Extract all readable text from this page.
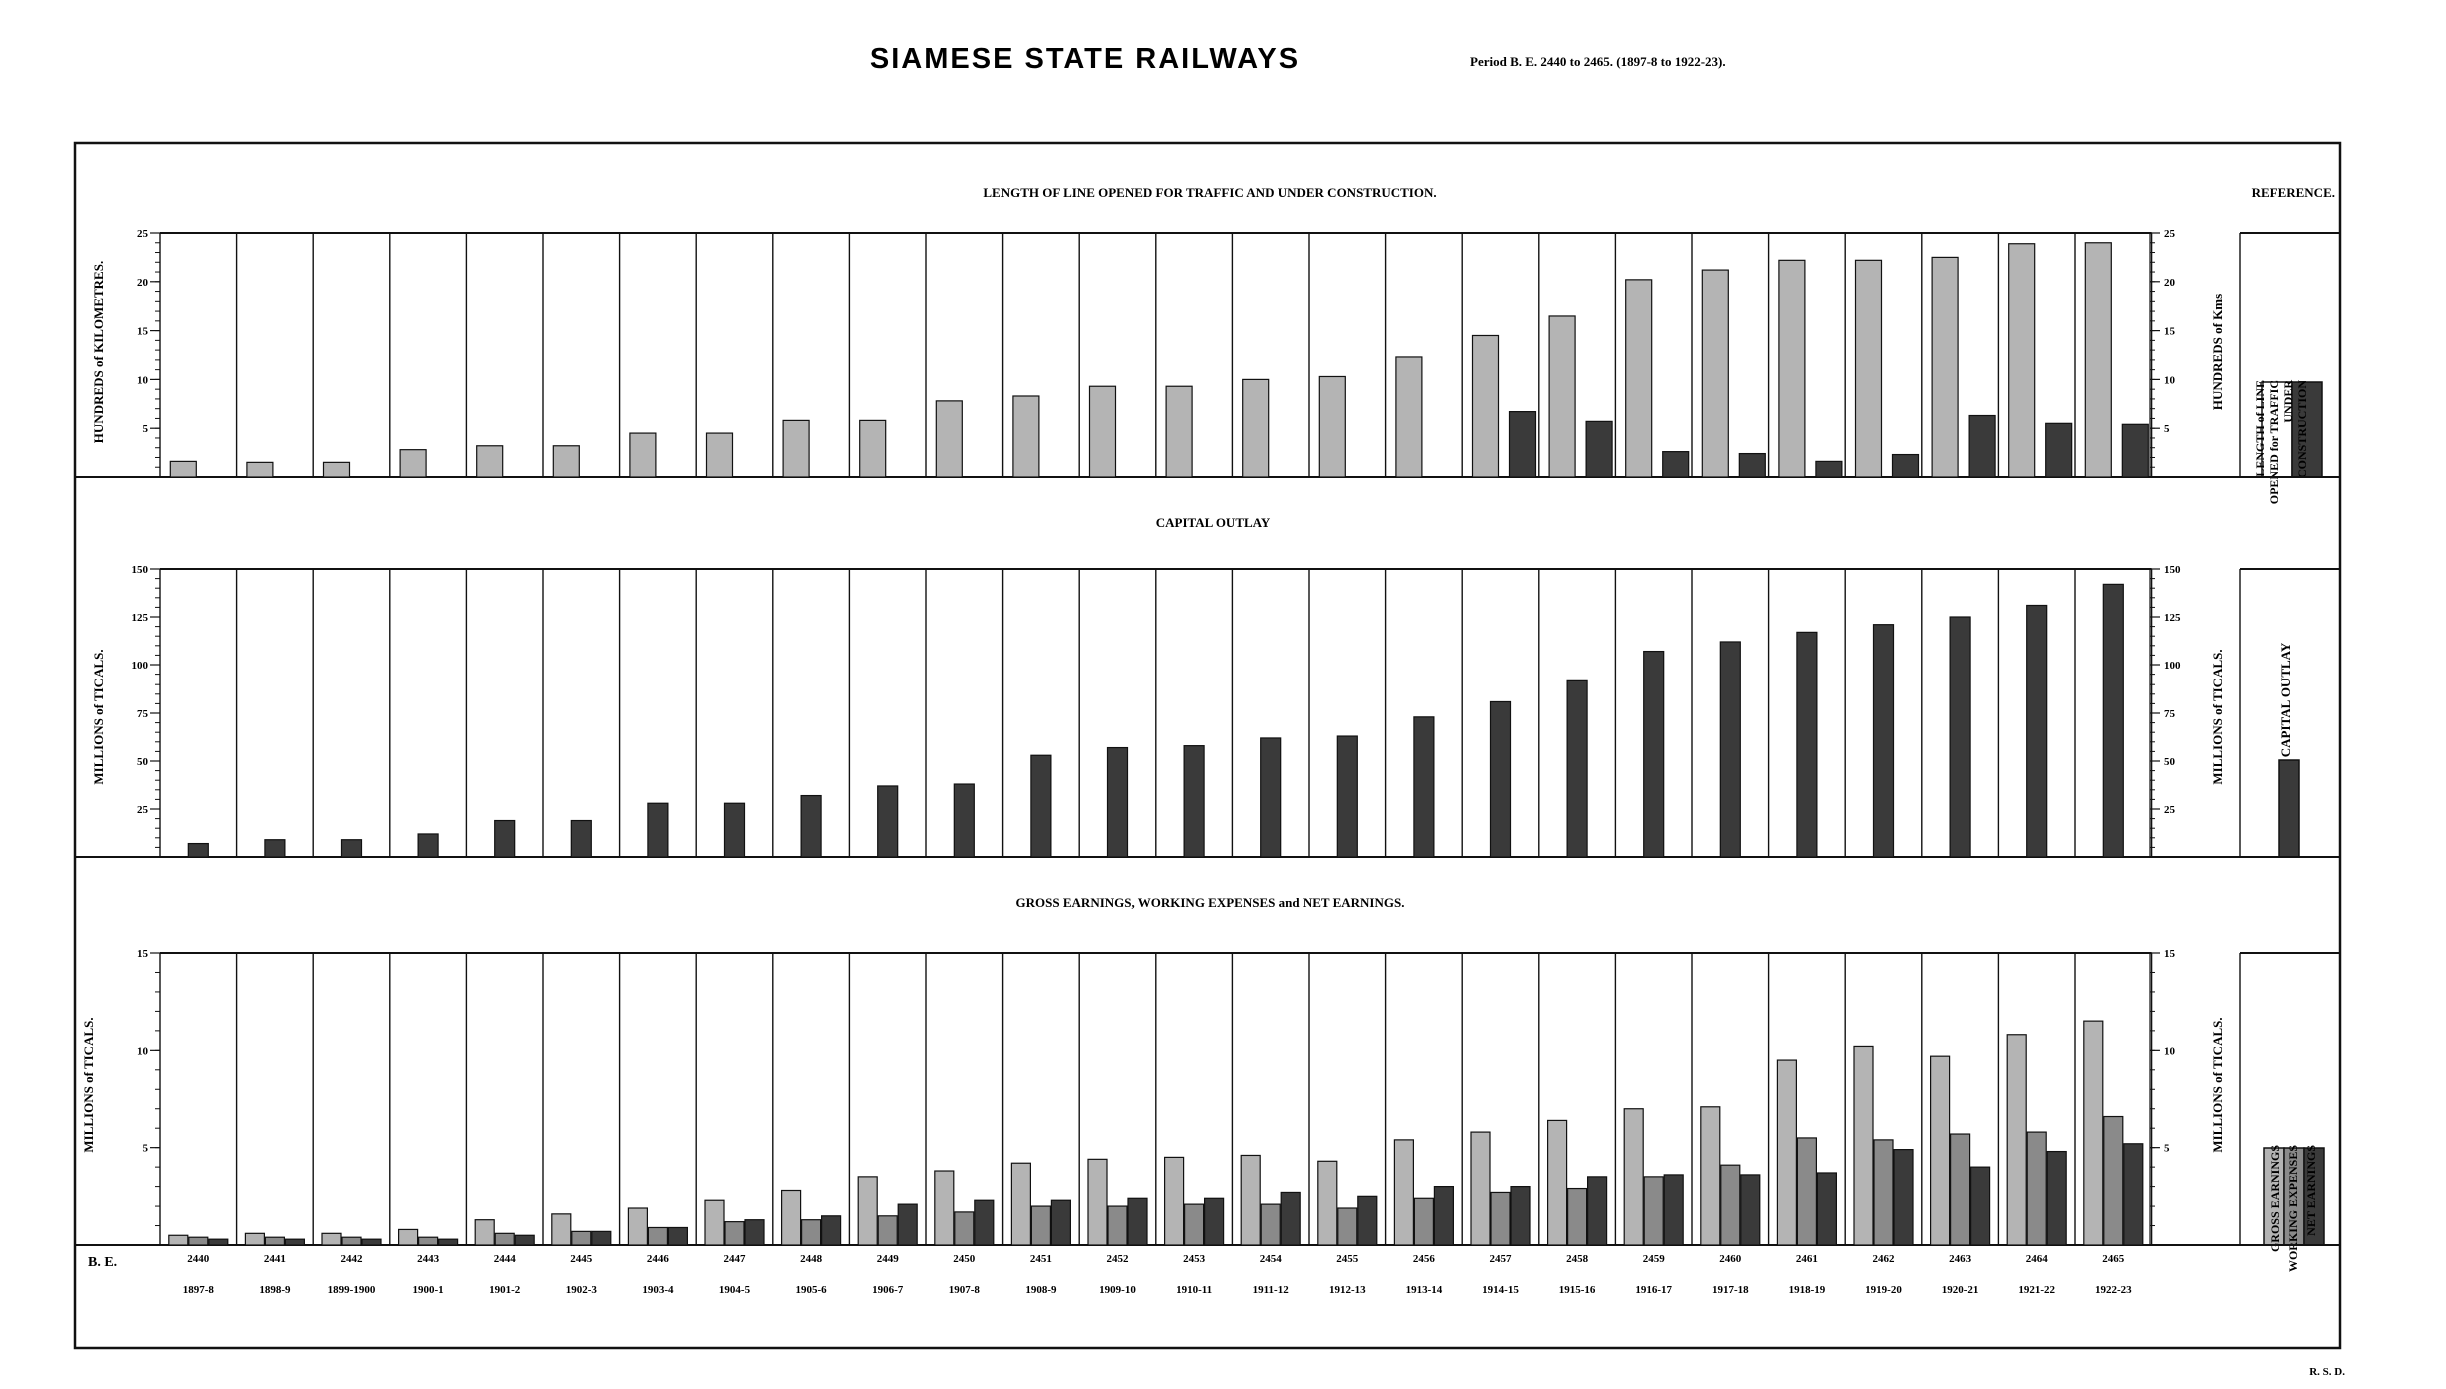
SIAMESE STATE RAILWAYS	Period B. E. 2440 to 2465. (1897-8 to 1922-23).
LENGTH OF LINE OPENED FOR TRAFFIC AND UNDER CONSTRUCTION.	REFERENCE.
CAPITAL OUTLAY
GROSS EARNINGS, WORKING EXPENSES and NET EARNINGS.
HUNDREDS of KILOMETRES.
MILLIONS of TICALS.
MILLIONS of TICALS.
HUNDREDS of Kms
MILLIONS of TICALS.
MILLIONS of TICALS.
LENGTH of LINE OPENED for TRAFFIC UNDER CONSTRUCTION
CAPITAL OUTLAY
GROSS EARNINGS WORKING EXPENSES NET EARNINGS
B. E.
R. S. D.
5	5
10	10
15	15
20	20
25	25
25	25
50	50
75	75
100	100
125	125
150	150
5	5
10	10
15	15
2440
1897-8
2441
1898-9
2442
1899-1900
2443
1900-1
2444
1901-2
2445
1902-3
2446
1903-4
2447
1904-5
2448
1905-6
2449
1906-7
2450
1907-8
2451
1908-9
2452
1909-10
2453
1910-11
2454
1911-12
2455
1912-13
2456
1913-14
2457
1914-15
2458
1915-16
2459
1916-17
2460
1917-18
2461
1918-19
2462
1919-20
2463
1920-21
2464
1921-22
2465
1922-23
